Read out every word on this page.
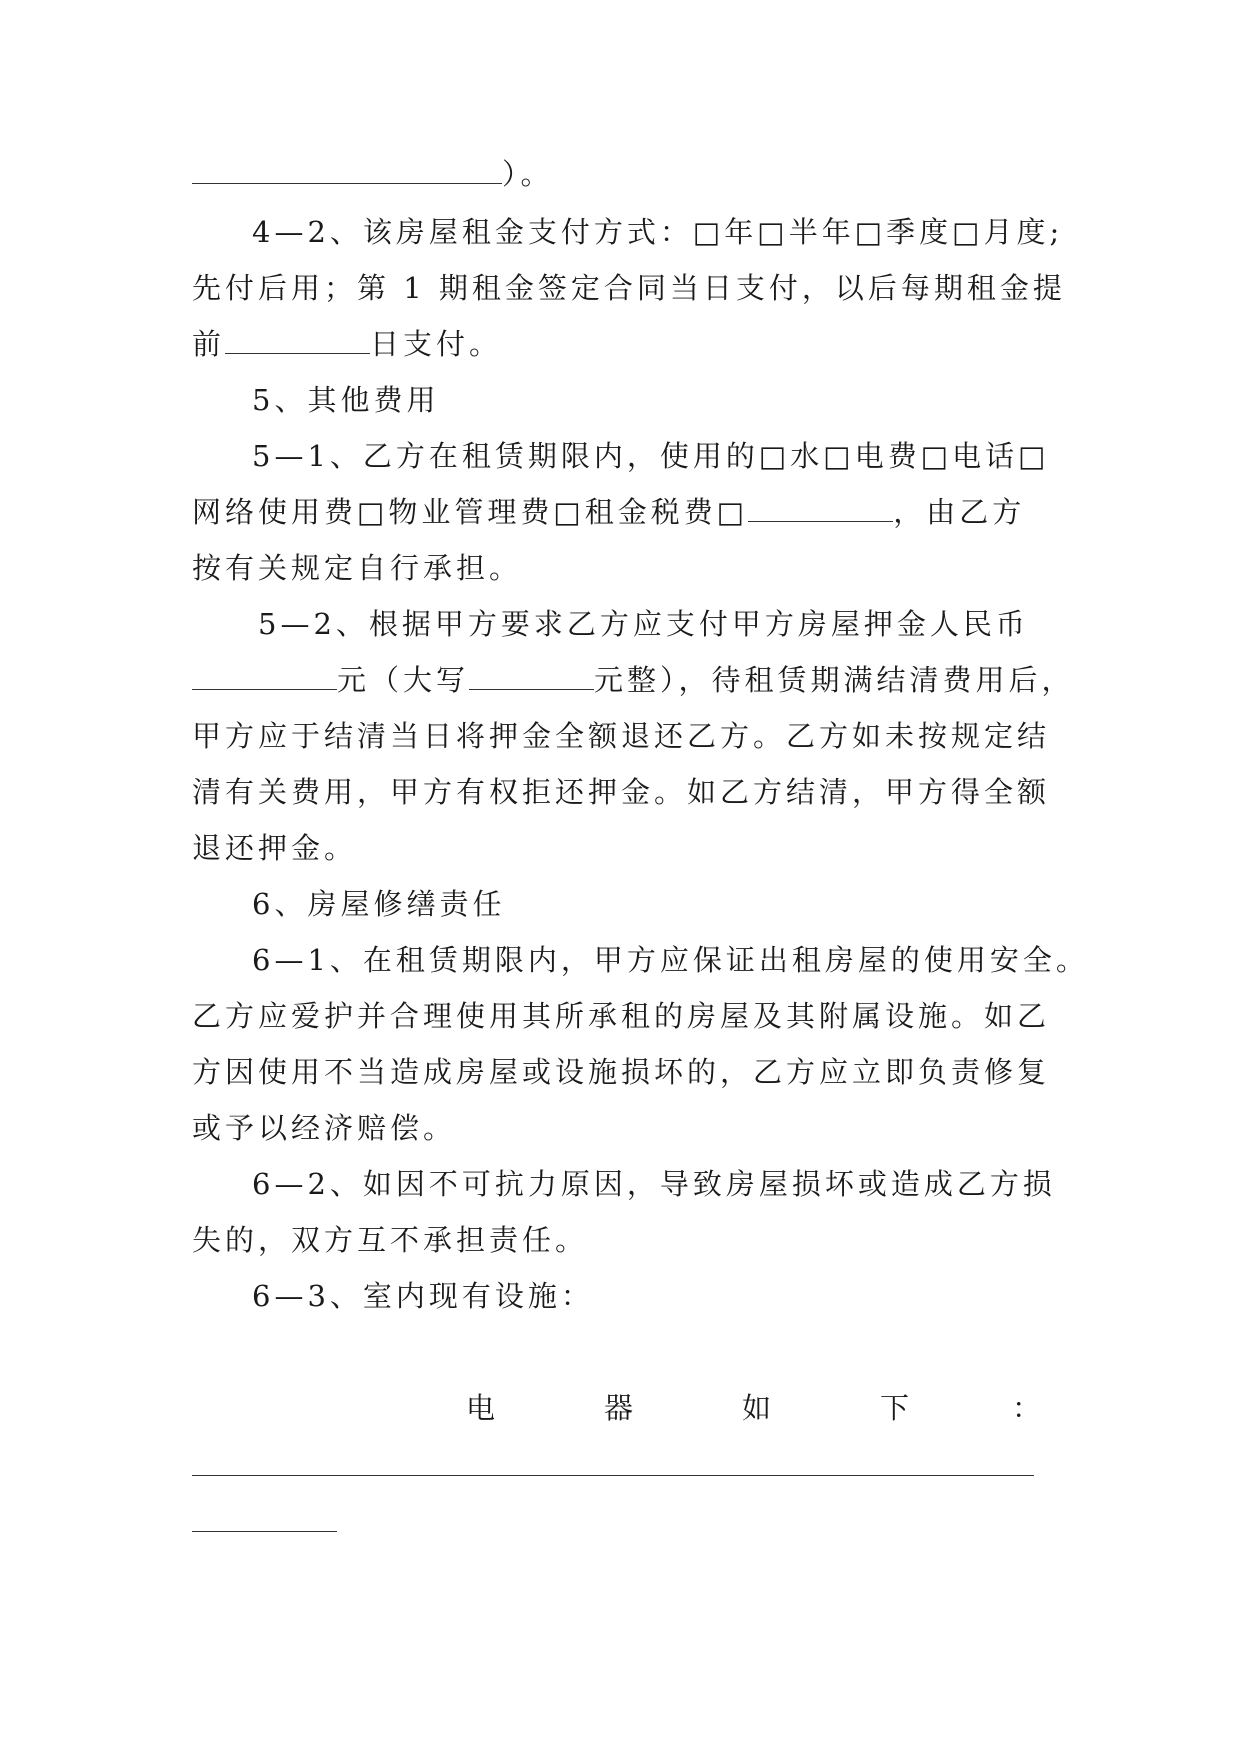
）。
4—2、该房屋租金支付方式：□年□半年□季度□月度;
先付后用；第 1 期租金签定合同当日支付，以后每期租金提
前	日支付。
5、其他费用
5—1、乙方在租赁期限内，使用的□水□电费□电话□
网络使用费□物业管理费□租金税费□	，由乙方
按有关规定自行承担。
5—2、根据甲方要求乙方应支付甲方房屋押金人民币
元（大写	元整），待租赁期满结清费用后，
甲方应于结清当日将押金全额退还乙方。乙方如未按规定结
清有关费用，甲方有权拒还押金。如乙方结清，甲方得全额
退还押金。
6、房屋修缮责任
6—1、在租赁期限内，甲方应保证出租房屋的使用安全。
乙方应爱护并合理使用其所承租的房屋及其附属设施。如乙
方因使用不当造成房屋或设施损坏的，乙方应立即负责修复
或予以经济赔偿。
6—2、如因不可抗力原因，导致房屋损坏或造成乙方损
失的，双方互不承担责任。
6—3、室内现有设施：
电	器	如	下	：
